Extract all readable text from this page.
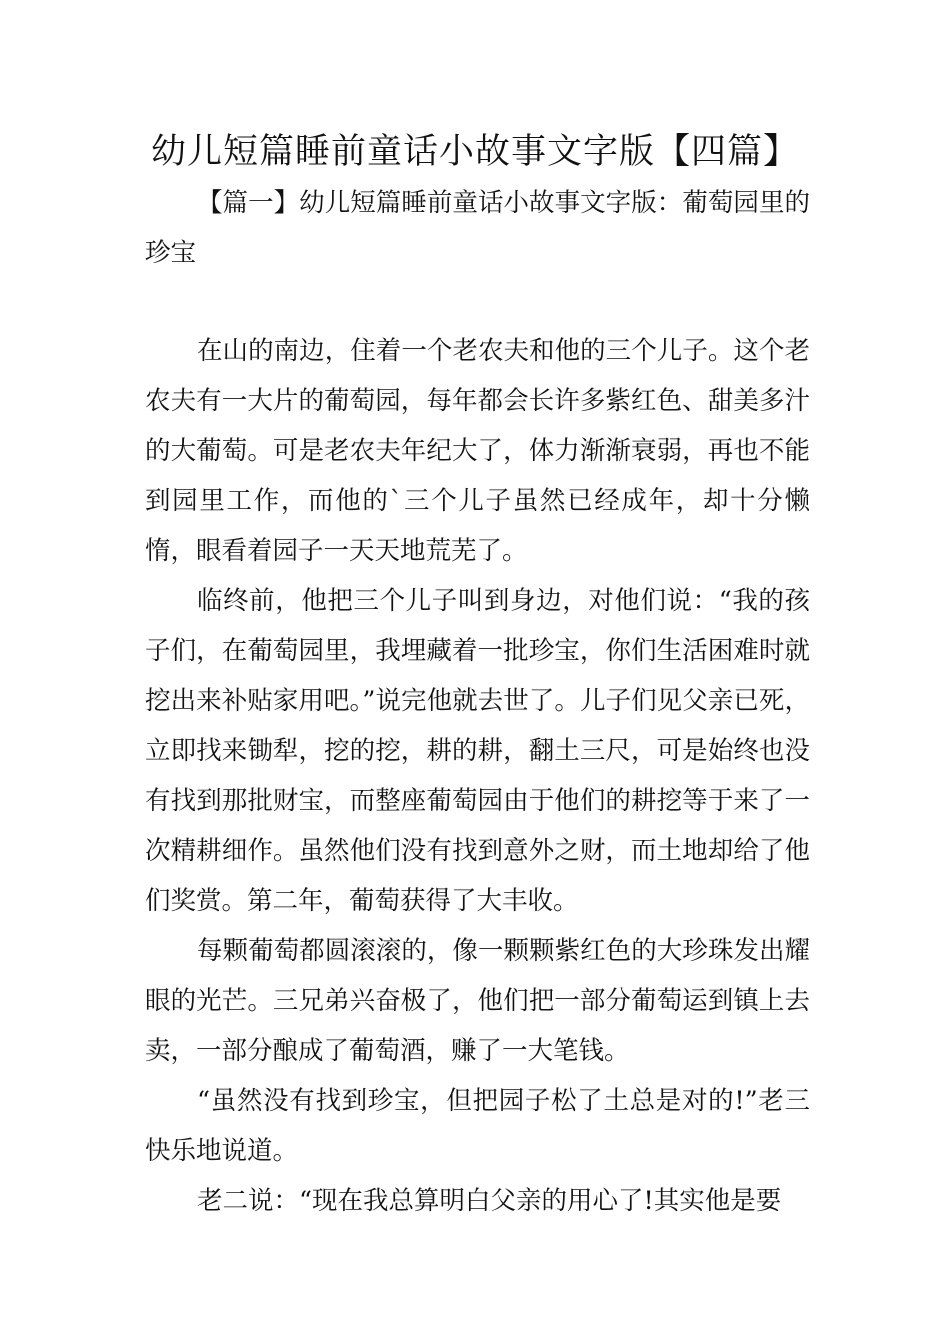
幼儿短篇睡前童话小故事文字版【四篇】

【篇一】幼儿短篇睡前童话小故事文字版：葡萄园里的珍宝

在山的南边，住着一个老农夫和他的三个儿子。这个老农夫有一大片的葡萄园，每年都会长许多紫红色、甜美多汁的大葡萄。可是老农夫年纪大了，体力渐渐衰弱，再也不能到园里工作，而他的`三个儿子虽然已经成年，却十分懒惰，眼看着园子一天天地荒芜了。

临终前，他把三个儿子叫到身边，对他们说：“我的孩子们，在葡萄园里，我埋藏着一批珍宝，你们生活困难时就挖出来补贴家用吧。”说完他就去世了。儿子们见父亲已死，立即找来锄犁，挖的挖，耕的耕，翻土三尺，可是始终也没有找到那批财宝，而整座葡萄园由于他们的耕挖等于来了一次精耕细作。虽然他们没有找到意外之财，而土地却给了他们奖赏。第二年，葡萄获得了大丰收。

每颗葡萄都圆滚滚的，像一颗颗紫红色的大珍珠发出耀眼的光芒。三兄弟兴奋极了，他们把一部分葡萄运到镇上去卖，一部分酿成了葡萄酒，赚了一大笔钱。

“虽然没有找到珍宝，但把园子松了土总是对的!”老三快乐地说道。

老二说：“现在我总算明白父亲的用心了!其实他是要
